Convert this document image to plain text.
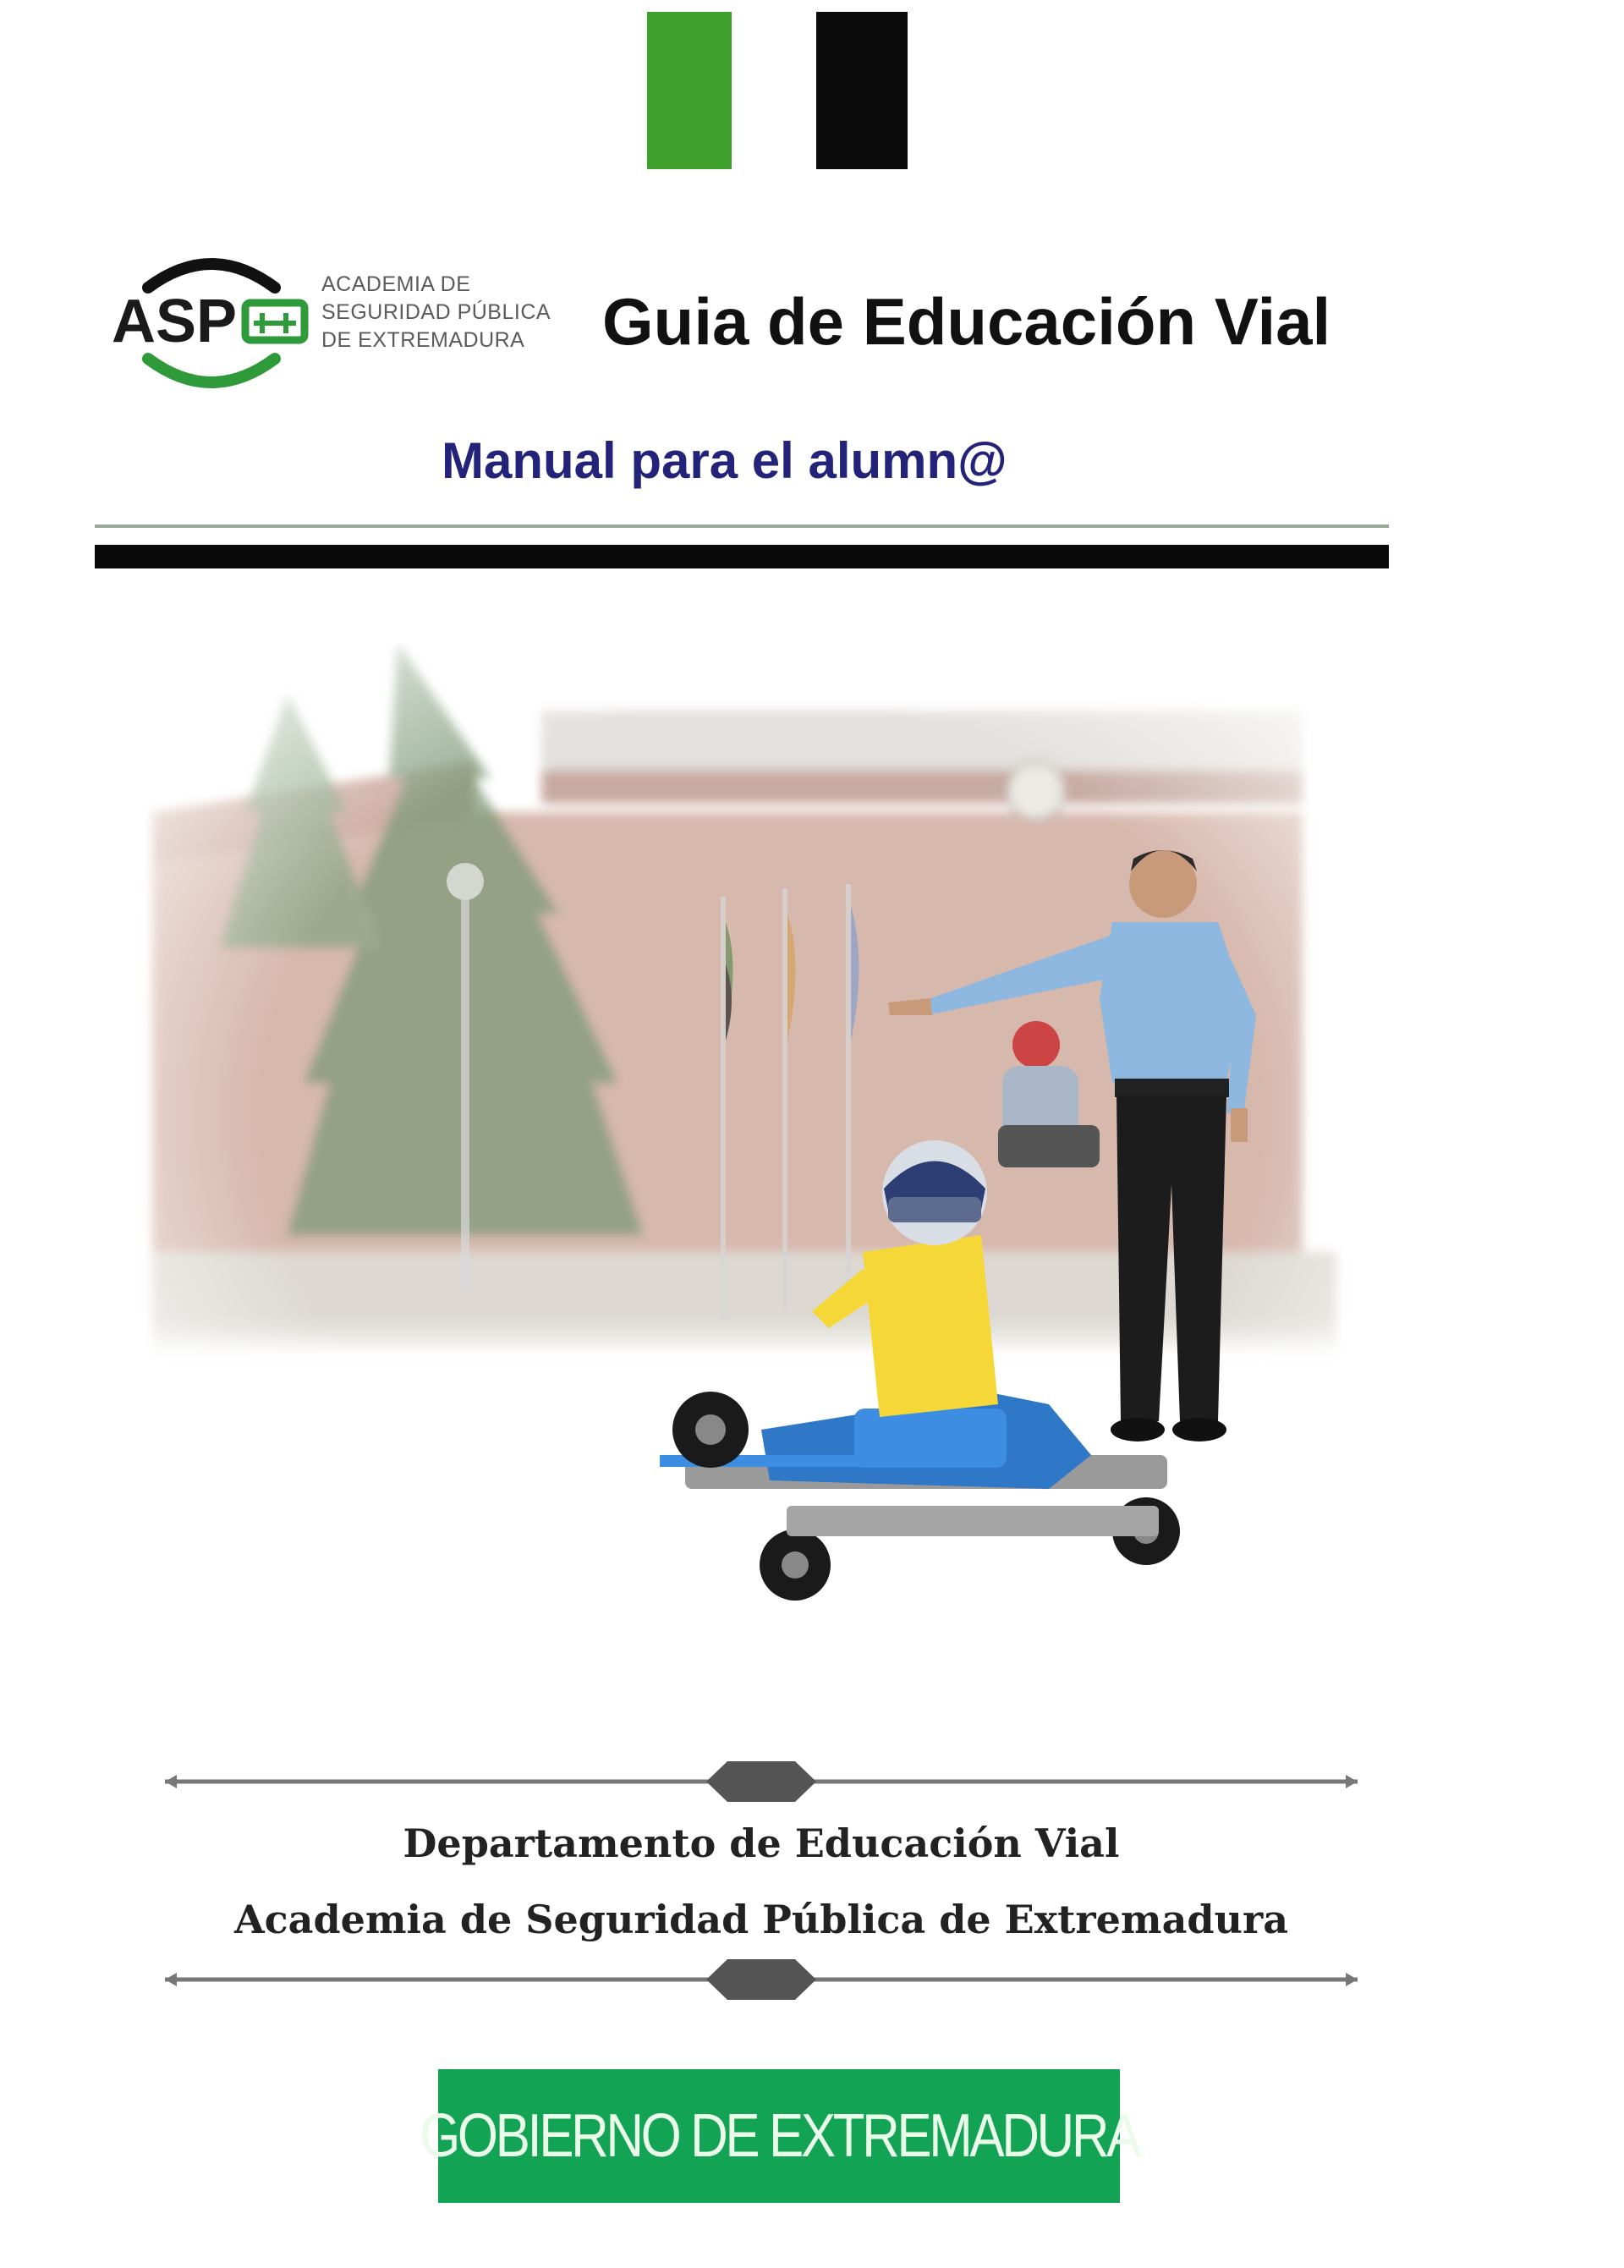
ASP
ACADEMIA DE
SEGURIDAD PÚBLICA
DE EXTREMADURA	Guia de Educación Vial
Manual para el alumn@
Departamento de Educación Vial
Academia de Seguridad Pública de Extremadura
GOBIERNO DE EXTREMADURA
